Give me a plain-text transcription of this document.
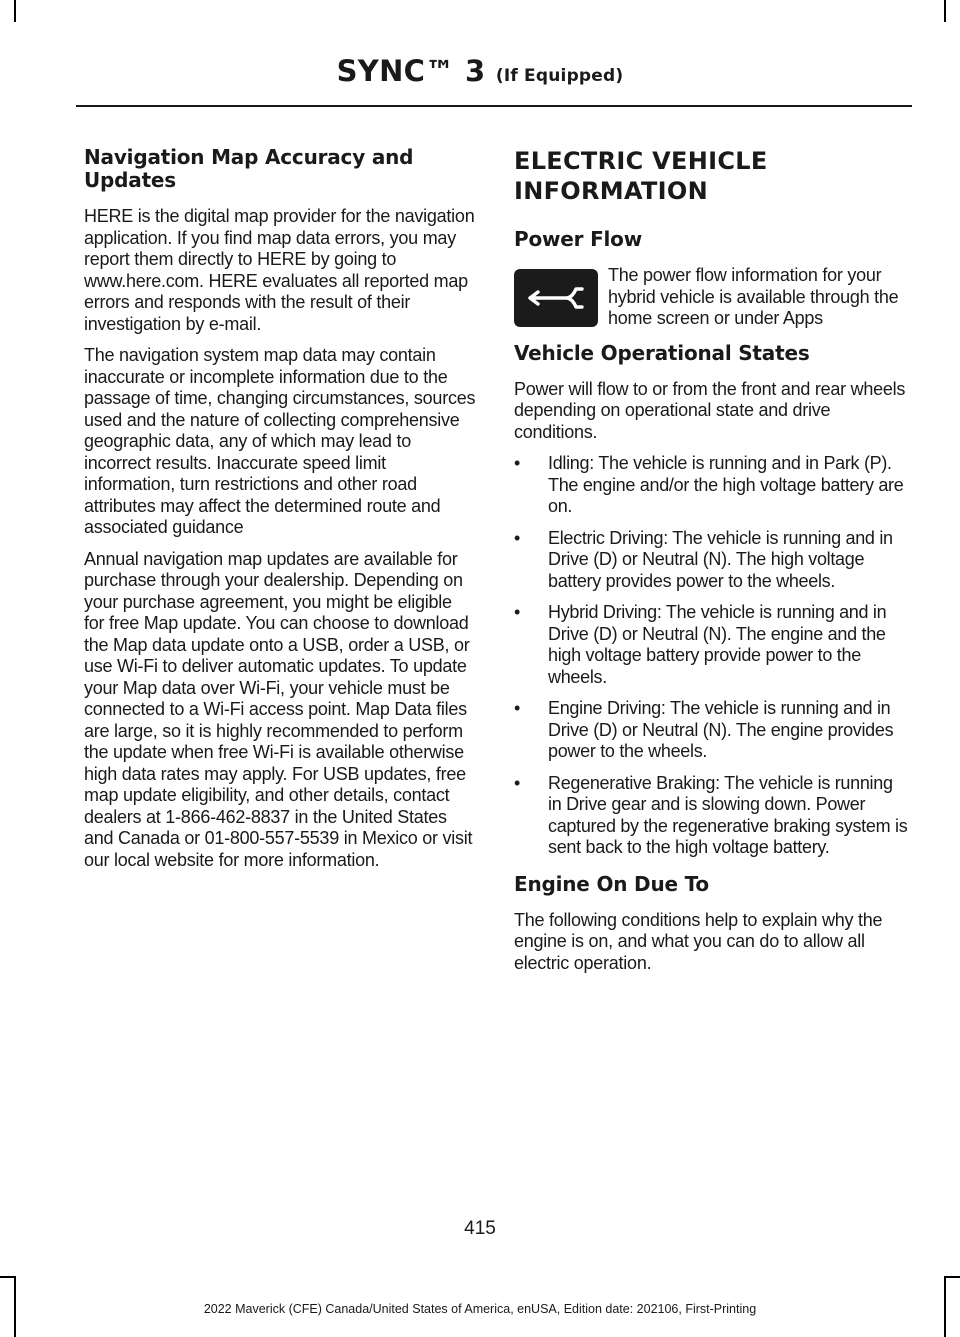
SYNC™ 3 (If Equipped)
Navigation Map Accuracy and Updates

HERE is the digital map provider for the navigation application. If you find map data errors, you may report them directly to HERE by going to www.here.com. HERE evaluates all reported map errors and responds with the result of their investigation by e-mail.

The navigation system map data may contain inaccurate or incomplete information due to the passage of time, changing circumstances, sources used and the nature of collecting comprehensive geographic data, any of which may lead to incorrect results. Inaccurate speed limit information, turn restrictions and other road attributes may affect the determined route and associated guidance

Annual navigation map updates are available for purchase through your dealership. Depending on your purchase agreement, you might be eligible for free Map update. You can choose to download the Map data update onto a USB, order a USB, or use Wi-Fi to deliver automatic updates. To update your Map data over Wi-Fi, your vehicle must be connected to a Wi-Fi access point. Map Data files are large, so it is highly recommended to perform the update when free Wi-Fi is available otherwise high data rates may apply. For USB updates, free map update eligibility, and other details, contact dealers at 1-866-462-8837 in the United States and Canada or 01-800-557-5539 in Mexico or visit our local website for more information.

ELECTRIC VEHICLE INFORMATION
Power Flow

The power flow information for your hybrid vehicle is available through the home screen or under Apps

Vehicle Operational States

Power will flow to or from the front and rear wheels depending on operational state and drive conditions.

• Idling: The vehicle is running and in Park (P). The engine and/or the high voltage battery are on.
• Electric Driving: The vehicle is running and in Drive (D) or Neutral (N). The high voltage battery provides power to the wheels.
• Hybrid Driving: The vehicle is running and in Drive (D) or Neutral (N). The engine and the high voltage battery provide power to the wheels.
• Engine Driving: The vehicle is running and in Drive (D) or Neutral (N). The engine provides power to the wheels.
• Regenerative Braking: The vehicle is running in Drive gear and is slowing down. Power captured by the regenerative braking system is sent back to the high voltage battery.
Engine On Due To

The following conditions help to explain why the engine is on, and what you can do to allow all electric operation.

415
2022 Maverick (CFE) Canada/United States of America, enUSA, Edition date: 202106, First-Printing
